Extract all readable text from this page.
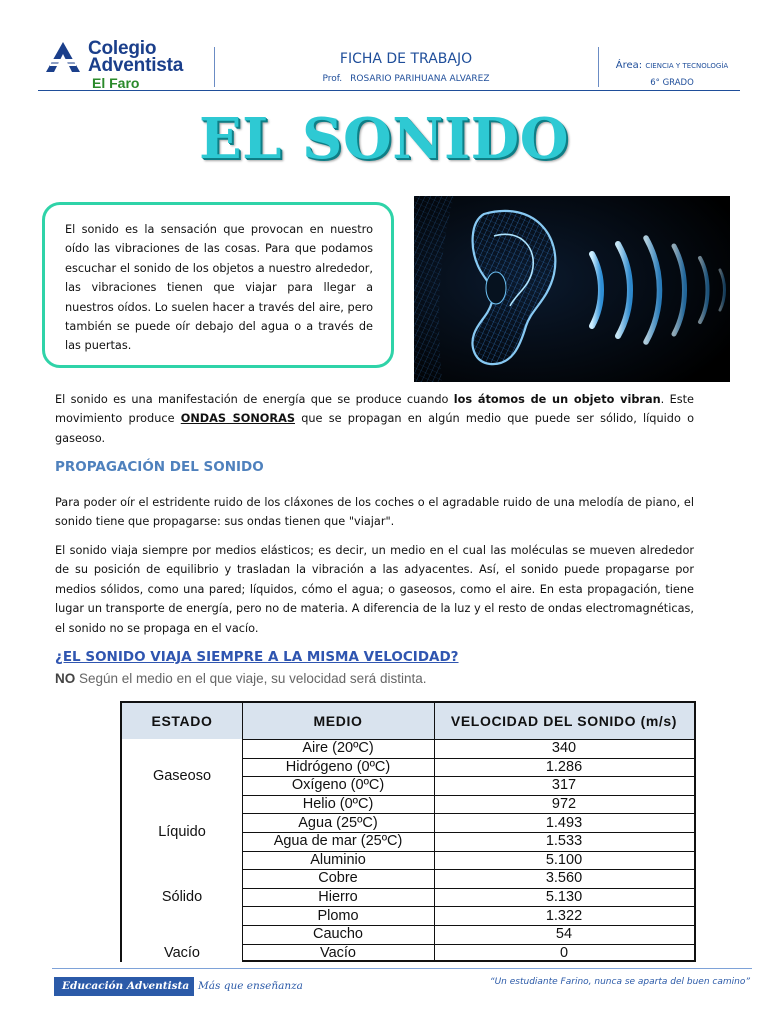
Colegio
Adventista
El Faro
FICHA DE TRABAJO
Prof. ROSARIO PARIHUANA ALVAREZ
Área: CIENCIA Y TECNOLOGÍA
6° GRADO
EL SONIDO
El sonido es la sensación que provocan en nuestro oído las vibraciones de las cosas. Para que podamos escuchar el sonido de los objetos a nuestro alrededor, las vibraciones tienen que viajar para llegar a nuestros oídos. Lo suelen hacer a través del aire, pero también se puede oír debajo del agua o a través de las puertas.
El sonido es una manifestación de energía que se produce cuando los átomos de un objeto vibran. Este movimiento produce ONDAS SONORAS que se propagan en algún medio que puede ser sólido, líquido o gaseoso.
PROPAGACIÓN DEL SONIDO
Para poder oír el estridente ruido de los cláxones de los coches o el agradable ruido de una melodía de piano, el sonido tiene que propagarse: sus ondas tienen que "viajar".
El sonido viaja siempre por medios elásticos; es decir, un medio en el cual las moléculas se mueven alrededor de su posición de equilibrio y trasladan la vibración a las adyacentes. Así, el sonido puede propagarse por medios sólidos, como una pared; líquidos, cómo el agua; o gaseosos, como el aire. En esta propagación, tiene lugar un transporte de energía, pero no de materia. A diferencia de la luz y el resto de ondas electromagnéticas, el sonido no se propaga en el vacío.
¿EL SONIDO VIAJA SIEMPRE A LA MISMA VELOCIDAD?
NO Según el medio en el que viaje, su velocidad será distinta.
ESTADO	MEDIO	VELOCIDAD DEL SONIDO (m/s)
Gaseoso
Aire (20ºC)	340
Hidrógeno (0ºC)	1.286
Oxígeno (0ºC)	317
Helio (0ºC)	972
Líquido
Agua (25ºC)	1.493
Agua de mar (25ºC)	1.533
Sólido
Aluminio	5.100
Cobre	3.560
Hierro	5.130
Plomo	1.322
Caucho	54
Vacío	Vacío	0
Educación Adventista Más que enseñanza	“Un estudiante Farino, nunca se aparta del buen camino”
